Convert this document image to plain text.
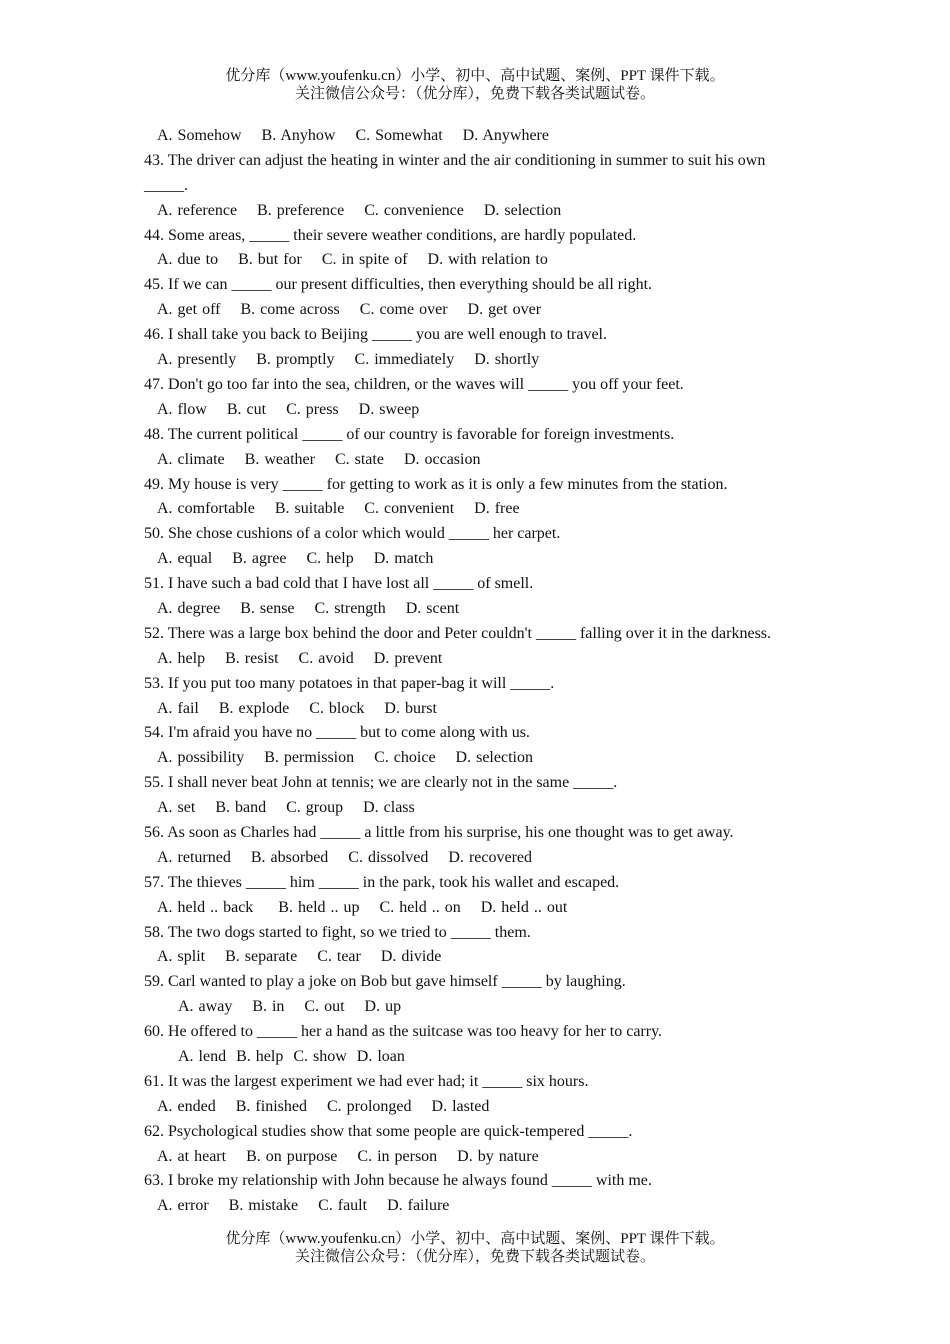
优分库（www.youfenku.cn）小学、初中、高中试题、案例、PPT 课件下载。
关注微信公众号：（优分库），免费下载各类试题试卷。
A. Somehow    B. Anyhow    C. Somewhat    D. Anywhere
43. The driver can adjust the heating in winter and the air conditioning in summer to suit his own _____.
A. reference    B. preference    C. convenience    D. selection
44. Some areas, _____ their severe weather conditions, are hardly populated.
A. due to    B. but for    C. in spite of    D. with relation to
45. If we can _____ our present difficulties, then everything should be all right.
A. get off    B. come across    C. come over    D. get over
46. I shall take you back to Beijing _____ you are well enough to travel.
A. presently    B. promptly    C. immediately    D. shortly
47. Don't go too far into the sea, children, or the waves will _____ you off your feet.
A. flow    B. cut    C. press    D. sweep
48. The current political _____ of our country is favorable for foreign investments.
A. climate    B. weather    C. state    D. occasion
49. My house is very _____ for getting to work as it is only a few minutes from the station.
A. comfortable    B. suitable    C. convenient    D. free
50. She chose cushions of a color which would _____ her carpet.
A. equal    B. agree    C. help    D. match
51. I have such a bad cold that I have lost all _____ of smell.
A. degree    B. sense    C. strength    D. scent
52. There was a large box behind the door and Peter couldn't _____ falling over it in the darkness.
A. help    B. resist    C. avoid    D. prevent
53. If you put too many potatoes in that paper-bag it will _____.
A. fail    B. explode    C. block    D. burst
54. I'm afraid you have no _____ but to come along with us.
A. possibility    B. permission    C. choice    D. selection
55. I shall never beat John at tennis; we are clearly not in the same _____.
A. set    B. band    C. group    D. class
56. As soon as Charles had _____ a little from his surprise, his one thought was to get away.
A. returned    B. absorbed    C. dissolved    D. recovered
57. The thieves _____ him _____ in the park, took his wallet and escaped.
A. held .. back     B. held .. up    C. held .. on    D. held .. out
58. The two dogs started to fight, so we tried to _____ them.
A. split    B. separate    C. tear    D. divide
59. Carl wanted to play a joke on Bob but gave himself _____ by laughing.
A. away    B. in    C. out    D. up
60. He offered to _____ her a hand as the suitcase was too heavy for her to carry.
A. lend  B. help  C. show  D. loan
61. It was the largest experiment we had ever had; it _____ six hours.
A. ended    B. finished    C. prolonged    D. lasted
62. Psychological studies show that some people are quick-tempered _____.
A. at heart    B. on purpose    C. in person    D. by nature
63. I broke my relationship with John because he always found _____ with me.
A. error    B. mistake    C. fault    D. failure
优分库（www.youfenku.cn）小学、初中、高中试题、案例、PPT 课件下载。
关注微信公众号：（优分库），免费下载各类试题试卷。
